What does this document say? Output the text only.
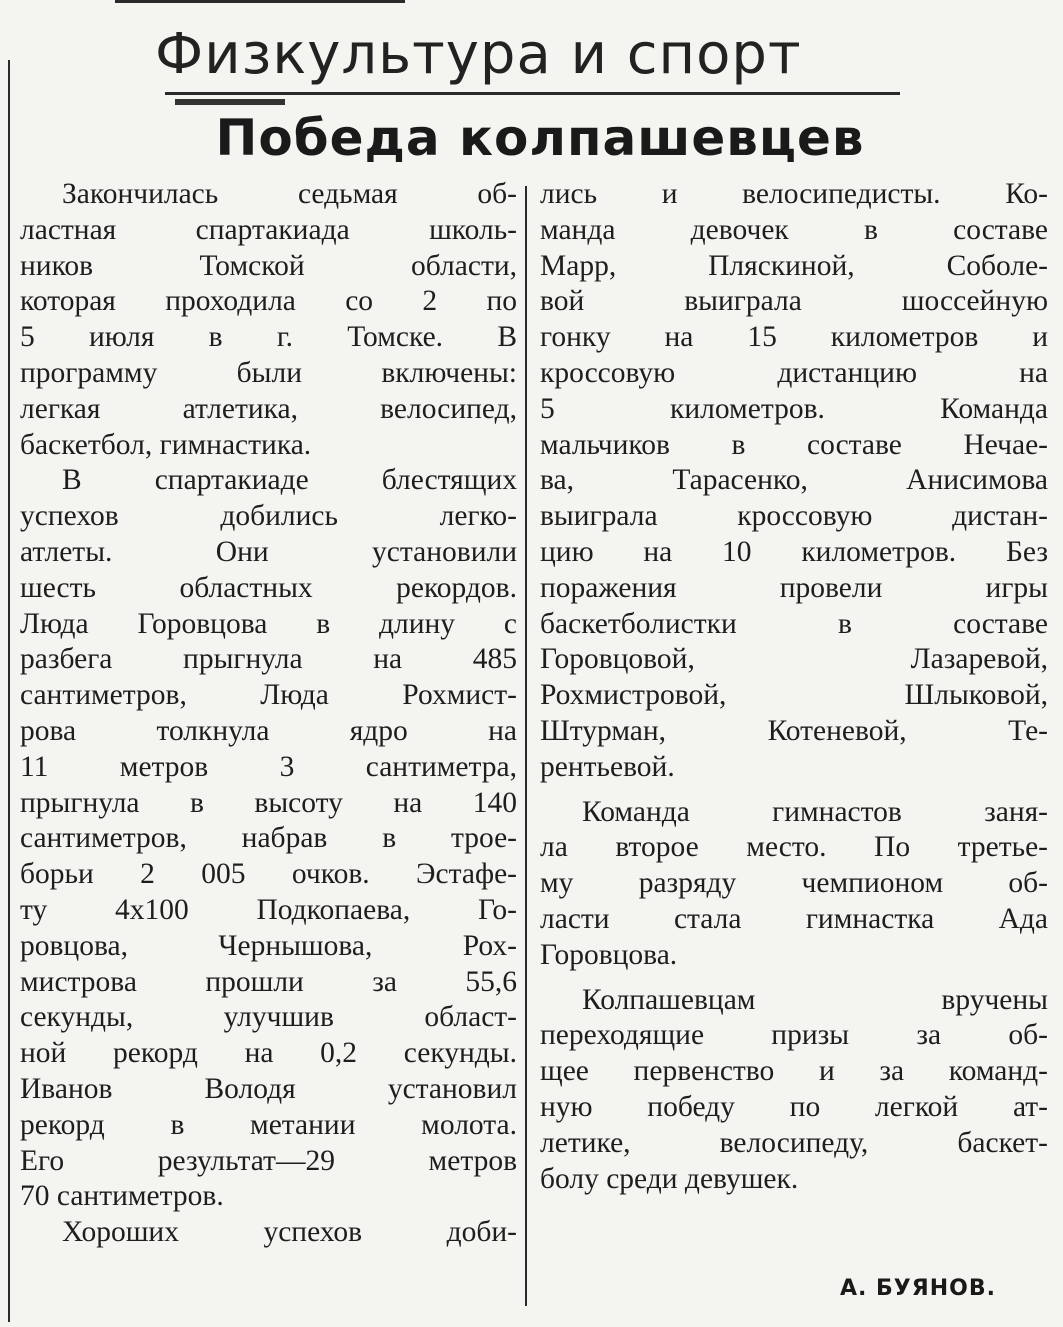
Физкультура и спорт
Победа колпашевцев
Закончилась седьмая об-
ластная спартакиада школь-
ников Томской области,
которая проходила со 2 по
5 июля в г. Томске. В
программу были включены:
легкая атлетика, велосипед,
баскетбол, гимнастика.
В спартакиаде блестящих
успехов добились легко-
атлеты. Они установили
шесть областных рекордов.
Люда Горовцова в длину с
разбега прыгнула на 485
сантиметров, Люда Рохмист-
рова толкнула ядро на
11 метров 3 сантиметра,
прыгнула в высоту на 140
сантиметров, набрав в трое-
борьи 2 005 очков. Эстафе-
ту 4x100 Подкопаева, Го-
ровцова, Чернышова, Рох-
мистрова прошли за 55,6
секунды, улучшив област-
ной рекорд на 0,2 секунды.
Иванов Володя установил
рекорд в метании молота.
Его результат—29 метров
70 сантиметров.
Хороших успехов доби-
лись и велосипедисты. Ко-
манда девочек в составе
Марр, Пляскиной, Соболе-
вой выиграла шоссейную
гонку на 15 километров и
кроссовую дистанцию на
5 километров. Команда
мальчиков в составе Нечае-
ва, Тарасенко, Анисимова
выиграла кроссовую дистан-
цию на 10 километров. Без
поражения провели игры
баскетболистки в составе
Горовцовой, Лазаревой,
Рохмистровой, Шлыковой,
Штурман, Котеневой, Те-
рентьевой.
Команда гимнастов заня-
ла второе место. По третье-
му разряду чемпионом об-
ласти стала гимнастка Ада
Горовцова.
Колпашевцам вручены
переходящие призы за об-
щее первенство и за команд-
ную победу по легкой ат-
летике, велосипеду, баскет-
болу среди девушек.
А. БУЯНОВ.
